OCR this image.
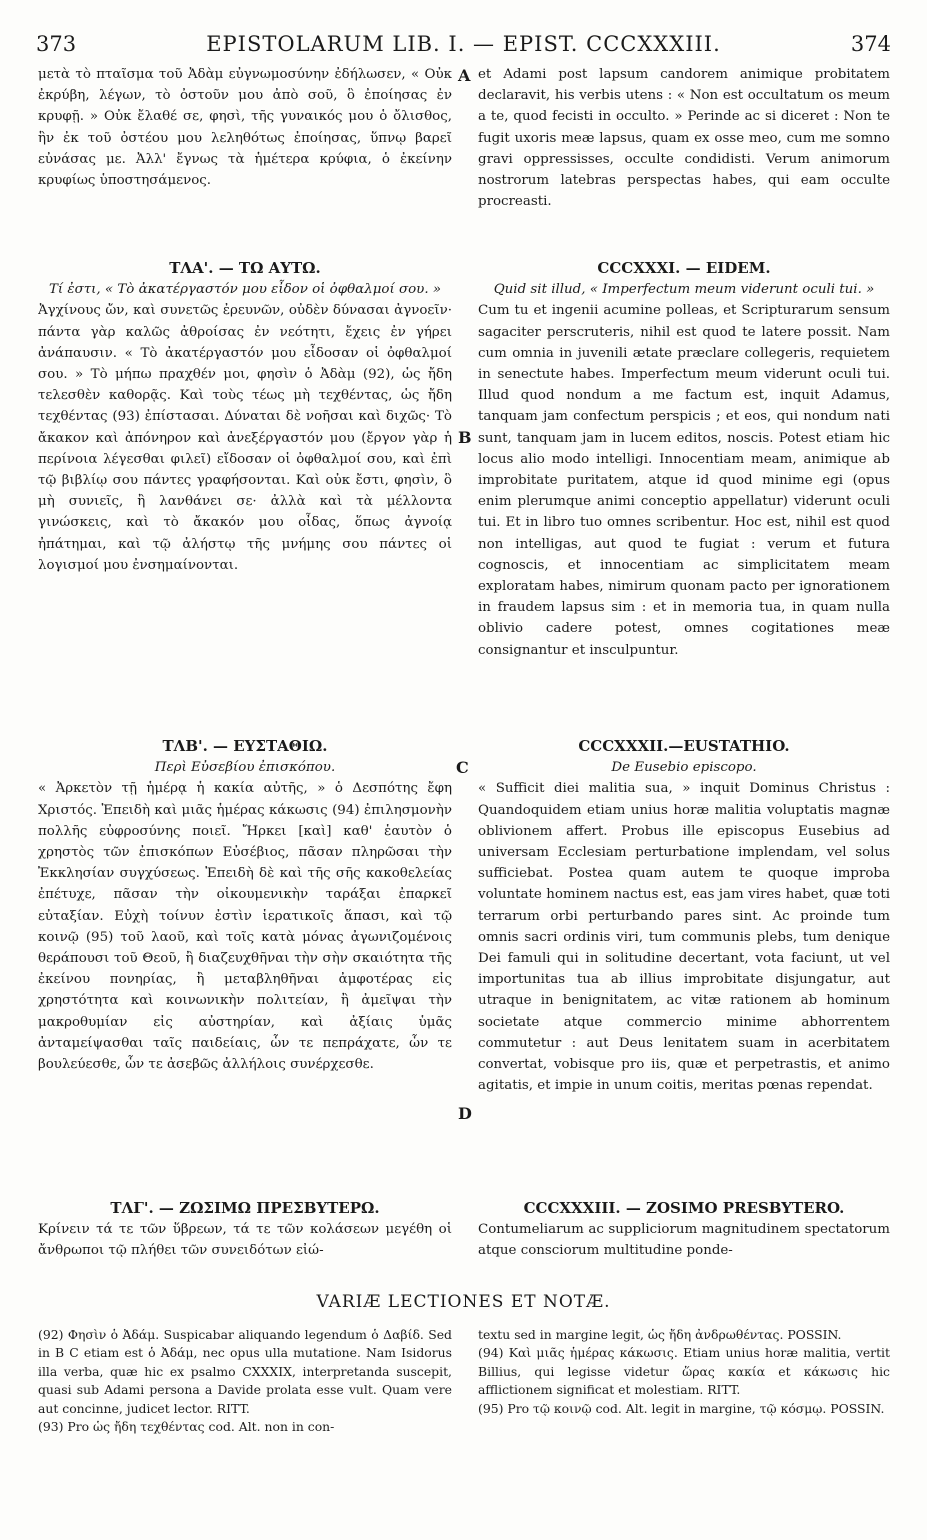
373	EPISTOLARUM LIB. I. — EPIST. CCCXXXIII.	374
A
B
C
D

μετὰ τὸ πταῖσμα τοῦ Ἀδὰμ εὐγνωμοσύνην ἐδήλωσεν, « Οὐκ ἐκρύβη, λέγων, τὸ ὀστοῦν μου ἀπὸ σοῦ, ὃ ἐποίησας ἐν κρυφῇ. » Οὐκ ἔλαθέ σε, φησὶ, τῆς γυναικός μου ὁ ὄλισθος, ἣν ἐκ τοῦ ὀστέου μου λεληθότως ἐποίησας, ὕπνῳ βαρεῖ εὐνάσας με. Ἀλλ' ἔγνως τὰ ἡμέτερα κρύφια, ὁ ἐκείνην κρυφίως ὑποστησάμενος.

et Adami post lapsum candorem animique probitatem declaravit, his verbis utens : « Non est occultatum os meum a te, quod fecisti in occulto. » Perinde ac si diceret : Non te fugit uxoris meæ lapsus, quam ex osse meo, cum me somno gravi oppressisses, occulte condidisti. Verum animorum nostrorum latebras perspectas habes, qui eam occulte procreasti.

ΤΛΑ'. — ΤΩ ΑΥΤΩ.
Τί ἐστι, « Τὸ ἀκατέργαστόν μου εἶδον οἱ ὀφθαλμοί σου. »

Ἀγχίνους ὤν, καὶ συνετῶς ἐρευνῶν, οὐδὲν δύνασαι ἀγνοεῖν· πάντα γὰρ καλῶς ἀθροίσας ἐν νεότητι, ἔχεις ἐν γήρει ἀνάπαυσιν. « Τὸ ἀκατέργαστόν μου εἶδοσαν οἱ ὀφθαλμοί σου. » Τὸ μήπω πραχθέν μοι, φησὶν ὁ Ἀδὰμ (92), ὡς ἤδη τελεσθὲν καθορᾷς. Καὶ τοὺς τέως μὴ τεχθέντας, ὡς ἤδη τεχθέντας (93) ἐπίστασαι. Δύναται δὲ νοῆσαι καὶ διχῶς· Τὸ ἄκακον καὶ ἀπόνηρον καὶ ἀνεξέργαστόν μου (ἔργον γὰρ ἡ περίνοια λέγεσθαι φιλεῖ) εἴδοσαν οἱ ὀφθαλμοί σου, καὶ ἐπὶ τῷ βιβλίῳ σου πάντες γραφήσονται. Καὶ οὐκ ἔστι, φησὶν, ὃ μὴ συνιεῖς, ἢ λανθάνει σε· ἀλλὰ καὶ τὰ μέλλοντα γινώσκεις, καὶ τὸ ἄκακόν μου οἶδας, ὅπως ἀγνοίᾳ ἠπάτημαι, καὶ τῷ ἀλήστῳ τῆς μνήμης σου πάντες οἱ λογισμοί μου ἐνσημαίνονται.

CCCXXXI. — EIDEM.
Quid sit illud, « Imperfectum meum viderunt oculi tui. »

Cum tu et ingenii acumine polleas, et Scripturarum sensum sagaciter perscruteris, nihil est quod te latere possit. Nam cum omnia in juvenili ætate præclare collegeris, requietem in senectute habes. Imperfectum meum viderunt oculi tui. Illud quod nondum a me factum est, inquit Adamus, tanquam jam confectum perspicis ; et eos, qui nondum nati sunt, tanquam jam in lucem editos, noscis. Potest etiam hic locus alio modo intelligi. Innocentiam meam, animique ab improbitate puritatem, atque id quod minime egi (opus enim plerumque animi conceptio appellatur) viderunt oculi tui. Et in libro tuo omnes scribentur. Hoc est, nihil est quod non intelligas, aut quod te fugiat : verum et futura cognoscis, et innocentiam ac simplicitatem meam exploratam habes, nimirum quonam pacto per ignorationem in fraudem lapsus sim : et in memoria tua, in quam nulla oblivio cadere potest, omnes cogitationes meæ consignantur et insculpuntur.

ΤΛΒ'. — ΕΥΣΤΑΘΙΩ.
Περὶ Εὐσεβίου ἐπισκόπου.

« Ἀρκετὸν τῇ ἡμέρᾳ ἡ κακία αὐτῆς, » ὁ Δεσπότης ἔφη Χριστός. Ἐπειδὴ καὶ μιᾶς ἡμέρας κάκωσις (94) ἐπιλησμονὴν πολλῆς εὐφροσύνης ποιεῖ. Ἤρκει [καὶ] καθ' ἑαυτὸν ὁ χρηστὸς τῶν ἐπισκόπων Εὐσέβιος, πᾶσαν πληρῶσαι τὴν Ἐκκλησίαν συγχύσεως. Ἐπειδὴ δὲ καὶ τῆς σῆς κακοθελείας ἐπέτυχε, πᾶσαν τὴν οἰκουμενικὴν ταράξαι ἐπαρκεῖ εὐταξίαν. Εὐχὴ τοίνυν ἐστὶν ἱερατικοῖς ἅπασι, καὶ τῷ κοινῷ (95) τοῦ λαοῦ, καὶ τοῖς κατὰ μόνας ἀγωνιζομένοις θεράπουσι τοῦ Θεοῦ, ἢ διαζευχθῆναι τὴν σὴν σκαιότητα τῆς ἐκείνου πονηρίας, ἢ μεταβληθῆναι ἀμφοτέρας εἰς χρηστότητα καὶ κοινωνικὴν πολιτείαν, ἢ ἀμεῖψαι τὴν μακροθυμίαν εἰς αὐστηρίαν, καὶ ἀξίαις ὑμᾶς ἀνταμείψασθαι ταῖς παιδείαις, ὧν τε πεπράχατε, ὧν τε βουλεύεσθε, ὧν τε ἀσεβῶς ἀλλήλοις συνέρχεσθε.

CCCXXXII.—EUSTATHIO.
De Eusebio episcopo.

« Sufficit diei malitia sua, » inquit Dominus Christus : Quandoquidem etiam unius horæ malitia voluptatis magnæ oblivionem affert. Probus ille episcopus Eusebius ad universam Ecclesiam perturbatione implendam, vel solus sufficiebat. Postea quam autem te quoque improba voluntate hominem nactus est, eas jam vires habet, quæ toti terrarum orbi perturbando pares sint. Ac proinde tum omnis sacri ordinis viri, tum communis plebs, tum denique Dei famuli qui in solitudine decertant, vota faciunt, ut vel importunitas tua ab illius improbitate disjungatur, aut utraque in benignitatem, ac vitæ rationem ab hominum societate atque commercio minime abhorrentem commutetur : aut Deus lenitatem suam in acerbitatem convertat, vobisque pro iis, quæ et perpetrastis, et animo agitatis, et impie in unum coitis, meritas pœnas rependat.

ΤΛΓ'. — ΖΩΣΙΜΩ ΠΡΕΣΒΥΤΕΡΩ.

Κρίνειν τά τε τῶν ὕβρεων, τά τε τῶν κολάσεων μεγέθη οἱ ἄνθρωποι τῷ πλήθει τῶν συνειδότων εἰώ-

CCCXXXIII. — ZOSIMO PRESBYTERO.

Contumeliarum ac suppliciorum magnitudinem spectatorum atque consciorum multitudine ponde-

VARIÆ LECTIONES ET NOTÆ.

(92) Φησὶν ὁ Ἀδάμ. Suspicabar aliquando legendum ὁ Δαβίδ. Sed in B C etiam est ὁ Ἀδάμ, nec opus ulla mutatione. Nam Isidorus illa verba, quæ hic ex psalmo CXXXIX, interpretanda suscepit, quasi sub Adami persona a Davide prolata esse vult. Quam vere aut concinne, judicet lector. RITT.

(93) Pro ὡς ἤδη τεχθέντας cod. Alt. non in con-

textu sed in margine legit, ὡς ἤδη ἀνδρωθέντας. POSSIN.

(94) Καὶ μιᾶς ἡμέρας κάκωσις. Etiam unius horæ malitia, vertit Billius, qui legisse videtur ὥρας κακία et κάκωσις hic afflictionem significat et molestiam. RITT.

(95) Pro τῷ κοινῷ cod. Alt. legit in margine, τῷ κόσμῳ. POSSIN.
